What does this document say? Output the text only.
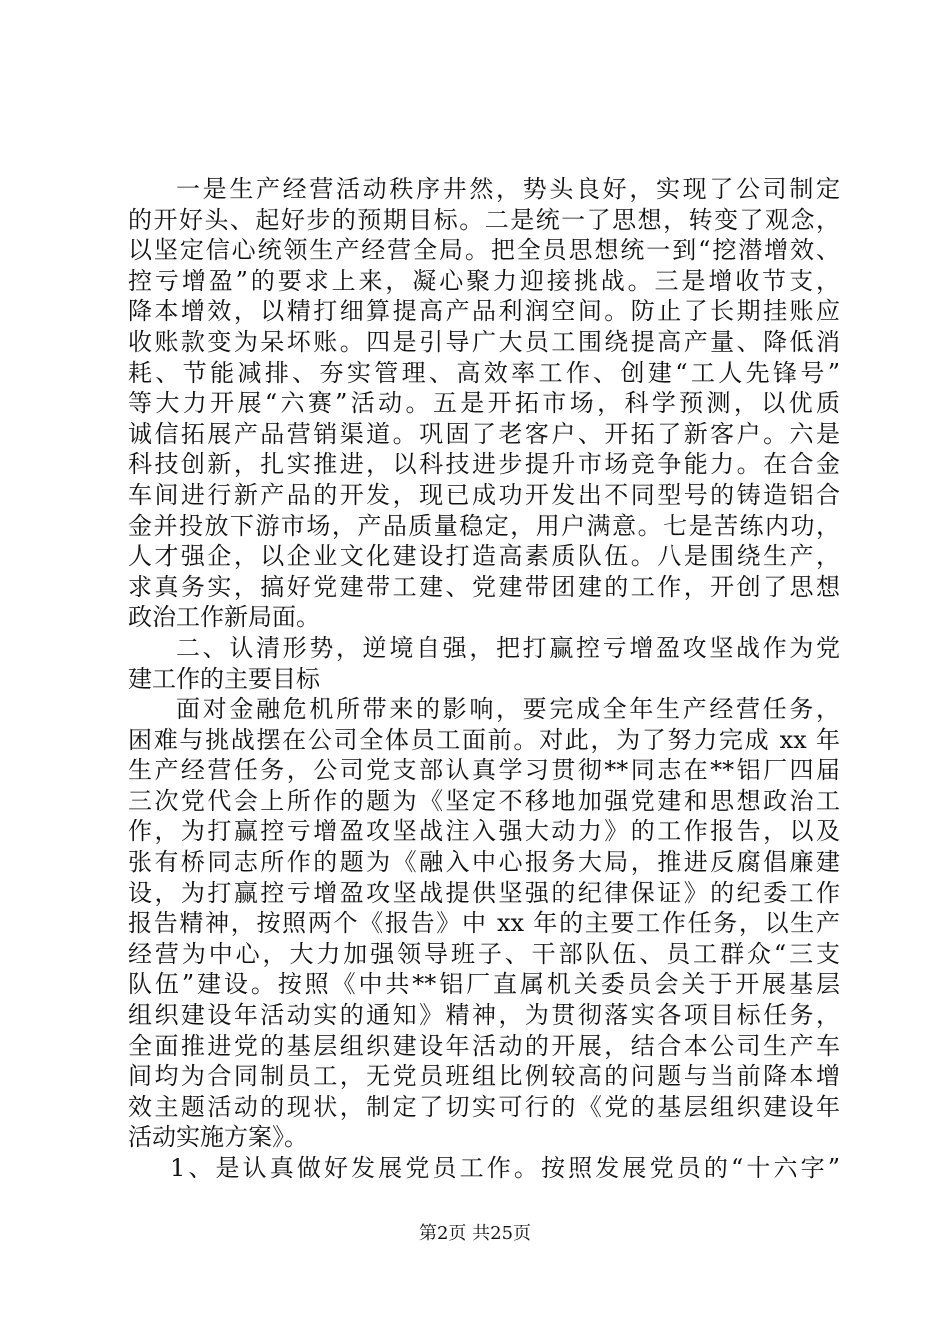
一是生产经营活动秩序井然，势头良好，实现了公司制定
的开好头、起好步的预期目标。二是统一了思想，转变了观念，
以坚定信心统领生产经营全局。把全员思想统一到“挖潜增效、
控亏增盈”的要求上来，凝心聚力迎接挑战。三是增收节支，
降本增效，以精打细算提高产品利润空间。防止了长期挂账应
收账款变为呆坏账。四是引导广大员工围绕提高产量、降低消
耗、节能减排、夯实管理、高效率工作、创建“工人先锋号”
等大力开展“六赛”活动。五是开拓市场，科学预测，以优质
诚信拓展产品营销渠道。巩固了老客户、开拓了新客户。六是
科技创新，扎实推进，以科技进步提升市场竞争能力。在合金
车间进行新产品的开发，现已成功开发出不同型号的铸造铝合
金并投放下游市场，产品质量稳定，用户满意。七是苦练内功，
人才强企，以企业文化建设打造高素质队伍。八是围绕生产，
求真务实，搞好党建带工建、党建带团建的工作，开创了思想
政治工作新局面。
二、认清形势，逆境自强，把打赢控亏增盈攻坚战作为党
建工作的主要目标
面对金融危机所带来的影响，要完成全年生产经营任务，
困难与挑战摆在公司全体员工面前。对此，为了努力完成 xx 年
生产经营任务，公司党支部认真学习贯彻**同志在**铝厂四届
三次党代会上所作的题为《坚定不移地加强党建和思想政治工
作，为打赢控亏增盈攻坚战注入强大动力》的工作报告，以及
张有桥同志所作的题为《融入中心报务大局，推进反腐倡廉建
设，为打赢控亏增盈攻坚战提供坚强的纪律保证》的纪委工作
报告精神，按照两个《报告》中 xx 年的主要工作任务，以生产
经营为中心，大力加强领导班子、干部队伍、员工群众“三支
队伍”建设。按照《中共**铝厂直属机关委员会关于开展基层
组织建设年活动实的通知》精神，为贯彻落实各项目标任务，
全面推进党的基层组织建设年活动的开展，结合本公司生产车
间均为合同制员工，无党员班组比例较高的问题与当前降本增
效主题活动的现状，制定了切实可行的《党的基层组织建设年
活动实施方案》。
1、是认真做好发展党员工作。按照发展党员的“十六字”
第2页 共25页
